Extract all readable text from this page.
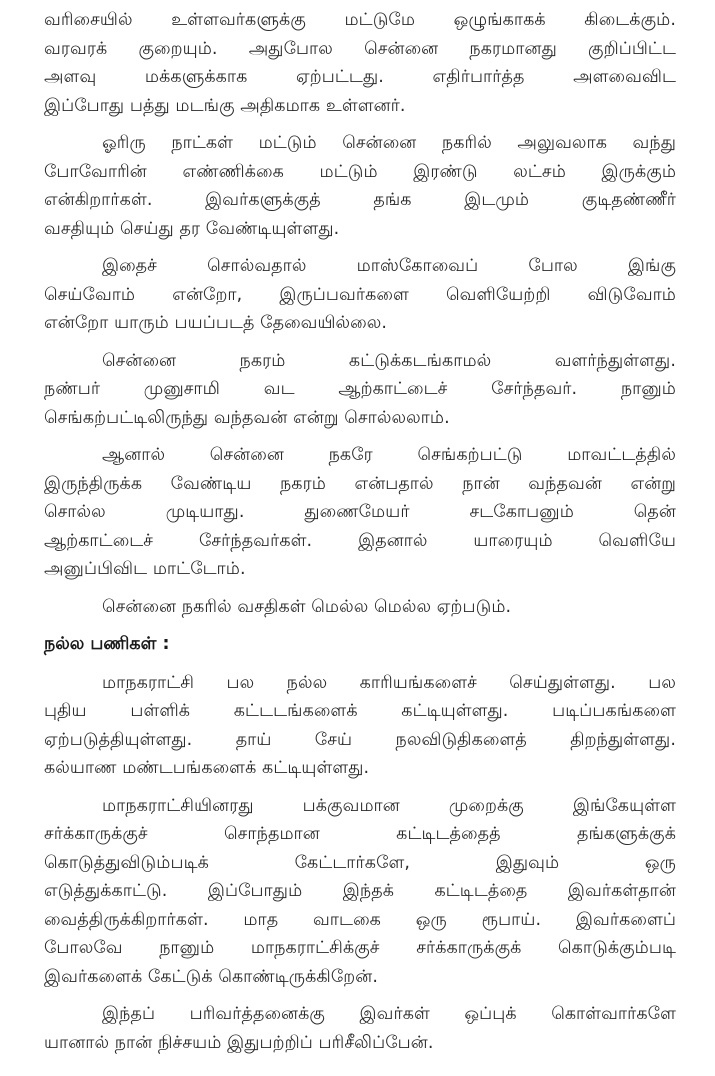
வரிசையில் உள்ளவர்களுக்கு மட்டுமே ஒழுங்காகக் கிடைக்கும்.
வரவரக் குறையும். அதுபோல சென்னை நகரமானது குறிப்பிட்ட
அளவு மக்களுக்காக ஏற்பட்டது. எதிர்பார்த்த அளவைவிட
இப்போது பத்து மடங்கு அதிகமாக உள்ளனர்.

ஓரிரு நாட்கள் மட்டும் சென்னை நகரில் அலுவலாக வந்து
போவோரின் எண்ணிக்கை மட்டும் இரண்டு லட்சம் இருக்கும்
என்கிறார்கள். இவர்களுக்குத் தங்க இடமும் குடிதண்ணீர்
வசதியும் செய்து தர வேண்டியுள்ளது.

இதைச் சொல்வதால் மாஸ்கோவைப் போல இங்கு
செய்வோம் என்றோ, இருப்பவர்களை வெளியேற்றி விடுவோம்
என்றோ யாரும் பயப்படத் தேவையில்லை.

சென்னை நகரம் கட்டுக்கடங்காமல் வளர்ந்துள்ளது.
நண்பர் முனுசாமி வட ஆற்காட்டைச் சேர்ந்தவர். நானும்
செங்கற்பட்டிலிருந்து வந்தவன் என்று சொல்லலாம்.

ஆனால் சென்னை நகரே செங்கற்பட்டு மாவட்டத்தில்
இருந்திருக்க வேண்டிய நகரம் என்பதால் நான் வந்தவன் என்று
சொல்ல முடியாது. துணைமேயர் சடகோபனும் தென்
ஆற்காட்டைச் சேர்ந்தவர்கள். இதனால் யாரையும் வெளியே
அனுப்பிவிட மாட்டோம்.

சென்னை நகரில் வசதிகள் மெல்ல மெல்ல ஏற்படும்.

நல்ல பணிகள் :

மாநகராட்சி பல நல்ல காரியங்களைச் செய்துள்ளது. பல
புதிய பள்ளிக் கட்டடங்களைக் கட்டியுள்ளது. படிப்பகங்களை
ஏற்படுத்தியுள்ளது. தாய் சேய் நலவிடுதிகளைத் திறந்துள்ளது.
கல்யாண மண்டபங்களைக் கட்டியுள்ளது.

மாநகராட்சியினரது பக்குவமான முறைக்கு இங்கேயுள்ள
சர்க்காருக்குச் சொந்தமான கட்டிடத்தைத் தங்களுக்குக்
கொடுத்துவிடும்படிக் கேட்டார்களே, இதுவும் ஒரு
எடுத்துக்காட்டு. இப்போதும் இந்தக் கட்டிடத்தை இவர்கள்தான்
வைத்திருக்கிறார்கள். மாத வாடகை ஒரு ரூபாய். இவர்களைப்
போலவே நானும் மாநகராட்சிக்குச் சர்க்காருக்குக் கொடுக்கும்படி
இவர்களைக் கேட்டுக் கொண்டிருக்கிறேன்.

இந்தப் பரிவர்த்தனைக்கு இவர்கள் ஒப்புக் கொள்வார்களே
யானால் நான் நிச்சயம் இதுபற்றிப் பரிசீலிப்பேன்.
